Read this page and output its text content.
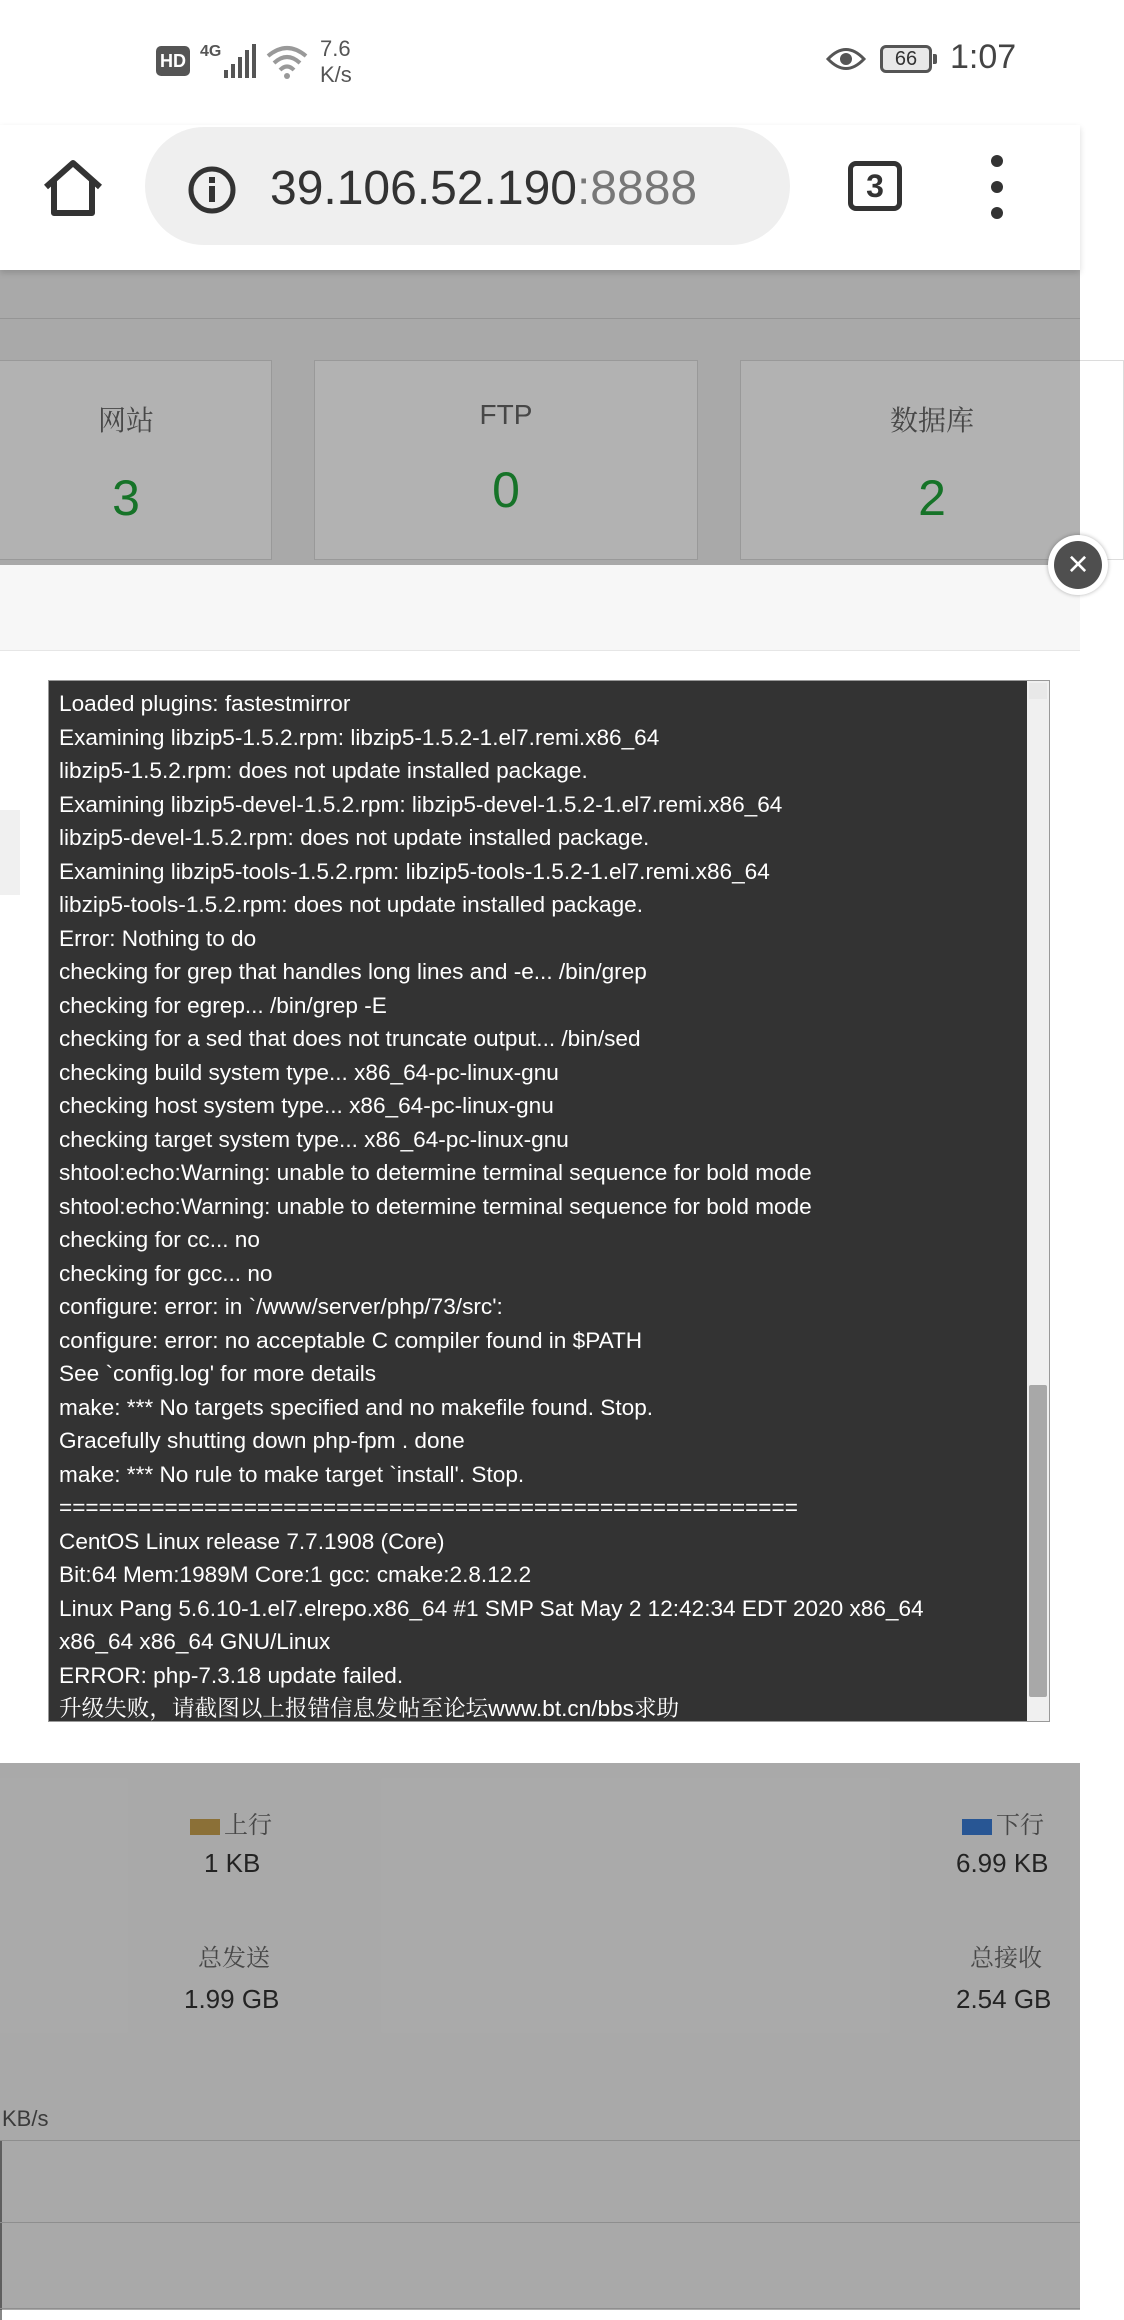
HD 4G	7.6
K/s
66 1:07
39.106.52.190:8888	3
网站
3
FTP
0
数据库
2
上行	下行
1 KB	6.99 KB
总发送	总接收
1.99 GB	2.54 GB
KB/s
×
Loaded plugins: fastestmirror
Examining libzip5-1.5.2.rpm: libzip5-1.5.2-1.el7.remi.x86_64
libzip5-1.5.2.rpm: does not update installed package.
Examining libzip5-devel-1.5.2.rpm: libzip5-devel-1.5.2-1.el7.remi.x86_64
libzip5-devel-1.5.2.rpm: does not update installed package.
Examining libzip5-tools-1.5.2.rpm: libzip5-tools-1.5.2-1.el7.remi.x86_64
libzip5-tools-1.5.2.rpm: does not update installed package.
Error: Nothing to do
checking for grep that handles long lines and -e... /bin/grep
checking for egrep... /bin/grep -E
checking for a sed that does not truncate output... /bin/sed
checking build system type... x86_64-pc-linux-gnu
checking host system type... x86_64-pc-linux-gnu
checking target system type... x86_64-pc-linux-gnu
shtool:echo:Warning: unable to determine terminal sequence for bold mode
shtool:echo:Warning: unable to determine terminal sequence for bold mode
checking for cc... no
checking for gcc... no
configure: error: in `/www/server/php/73/src':
configure: error: no acceptable C compiler found in $PATH
See `config.log' for more details
make: *** No targets specified and no makefile found. Stop.
Gracefully shutting down php-fpm . done
make: *** No rule to make target `install'. Stop.
========================================================
CentOS Linux release 7.7.1908 (Core)
Bit:64 Mem:1989M Core:1 gcc: cmake:2.8.12.2
Linux Pang 5.6.10-1.el7.elrepo.x86_64 #1 SMP Sat May 2 12:42:34 EDT 2020 x86_64
x86_64 x86_64 GNU/Linux
ERROR: php-7.3.18 update failed.
升级失败，请截图以上报错信息发帖至论坛www.bt.cn/bbs求助
